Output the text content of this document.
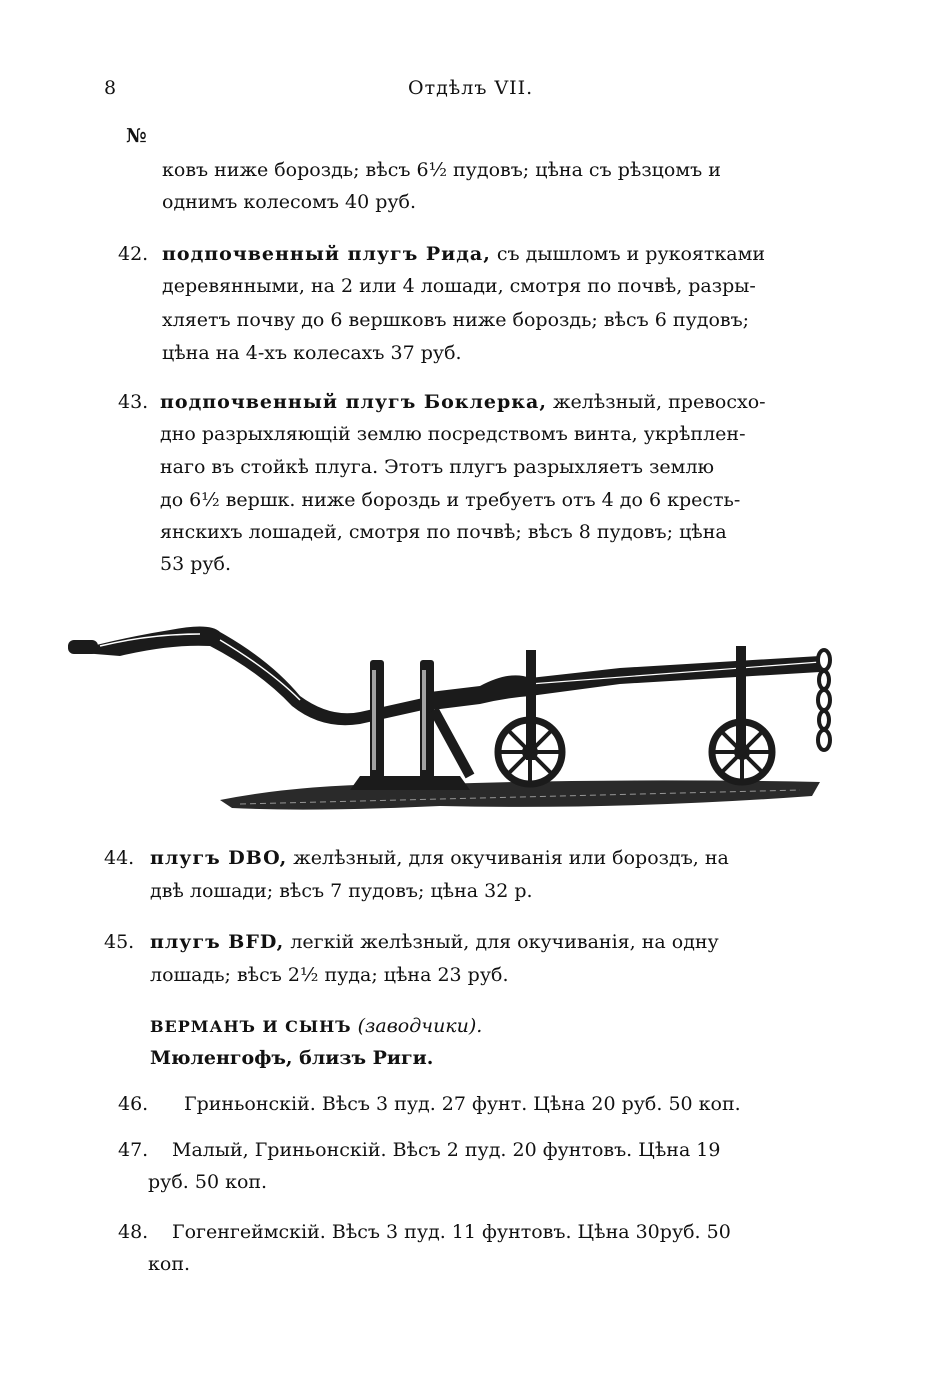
8	Отдѣлъ VII.
№
ковъ ниже бороздь; вѣсъ 6½ пудовъ; цѣна съ рѣзцомъ и
однимъ колесомъ 40 руб.
42. подпочвенный плугъ Рида, съ дышломъ и рукоятками
деревянными, на 2 или 4 лошади, смотря по почвѣ, разры-
хляетъ почву до 6 вершковъ ниже бороздь; вѣсъ 6 пудовъ;
цѣна на 4-хъ колесахъ 37 руб.
43. подпочвенный плугъ Боклерка, желѣзный, превосхо-
дно разрыхляющій землю посредствомъ винта, укрѣплен-
наго въ стойкѣ плуга. Этотъ плугъ разрыхляетъ землю
до 6½ вершк. ниже бороздь и требуетъ отъ 4 до 6 кресть-
янскихъ лошадей, смотря по почвѣ; вѣсъ 8 пудовъ; цѣна
53 руб.
44. плугъ DBO, желѣзный, для окучиванія или бороздъ, на
двѣ лошади; вѣсъ 7 пудовъ; цѣна 32 р.
45. плугъ BFD, легкій желѣзный, для окучиванія, на одну
лошадь; вѣсъ 2½ пуда; цѣна 23 руб.
ВЕРМАНЪ И СЫНЪ (заводчики).
Мюленгофъ, близъ Риги.
46. Гриньонскій. Вѣсъ 3 пуд. 27 фунт. Цѣна 20 руб. 50 коп.
47. Малый, Гриньонскій. Вѣсъ 2 пуд. 20 фунтовъ. Цѣна 19
руб. 50 коп.
48. Гогенгеймскій. Вѣсъ 3 пуд. 11 фунтовъ. Цѣна 30руб. 50
коп.
